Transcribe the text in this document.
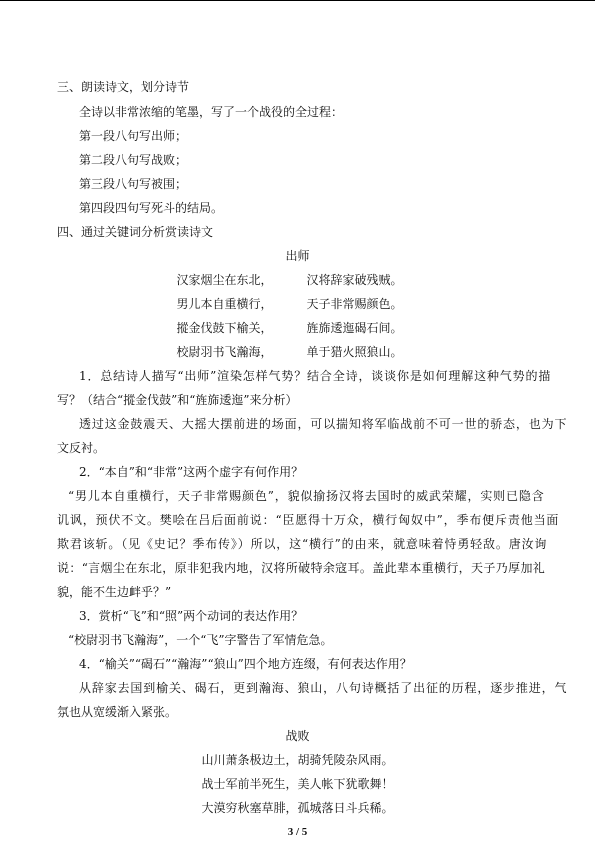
三、朗读诗文，划分诗节
全诗以非常浓缩的笔墨，写了一个战役的全过程：
第一段八句写出师；
第二段八句写战败；
第三段八句写被围；
第四段四句写死斗的结局。
四、通过关键词分析赏读诗文
出师
汉家烟尘在东北，	汉将辞家破残贼。
男儿本自重横行，	天子非常赐颜色。
摐金伐鼓下榆关，	旌旆逶迤碣石间。
校尉羽书飞瀚海，	单于猎火照狼山。
1．总结诗人描写“出师”渲染怎样气势？结合全诗，谈谈你是如何理解这种气势的描
写？（结合“摐金伐鼓”和“旌旆逶迤”来分析）
透过这金鼓震天、大摇大摆前进的场面，可以揣知将军临战前不可一世的骄态，也为下
文反衬。
2．“本自”和“非常”这两个虚字有何作用？
“男儿本自重横行，天子非常赐颜色”，貌似揄扬汉将去国时的威武荣耀，实则已隐含
讥讽，预伏不文。樊哙在吕后面前说：“臣愿得十万众，横行匈奴中”，季布便斥责他当面
欺君该斩。（见《史记？季布传》）所以，这“横行”的由来，就意味着恃勇轻敌。唐汝询
说：“言烟尘在东北，原非犯我内地，汉将所破特余寇耳。盖此辈本重横行，天子乃厚加礼
貌，能不生边衅乎？”
3．赏析“飞”和“照”两个动词的表达作用？
“校尉羽书飞瀚海”，一个“飞”字警告了军情危急。
4．“榆关”“碣石”“瀚海”“狼山”四个地方连缀，有何表达作用？
从辞家去国到榆关、碣石，更到瀚海、狼山，八句诗概括了出征的历程，逐步推进，气
氛也从宽缓渐入紧张。
战败
山川萧条极边土，胡骑凭陵杂风雨。
战士军前半死生，美人帐下犹歌舞！
大漠穷秋塞草腓，孤城落日斗兵稀。
3 / 5
